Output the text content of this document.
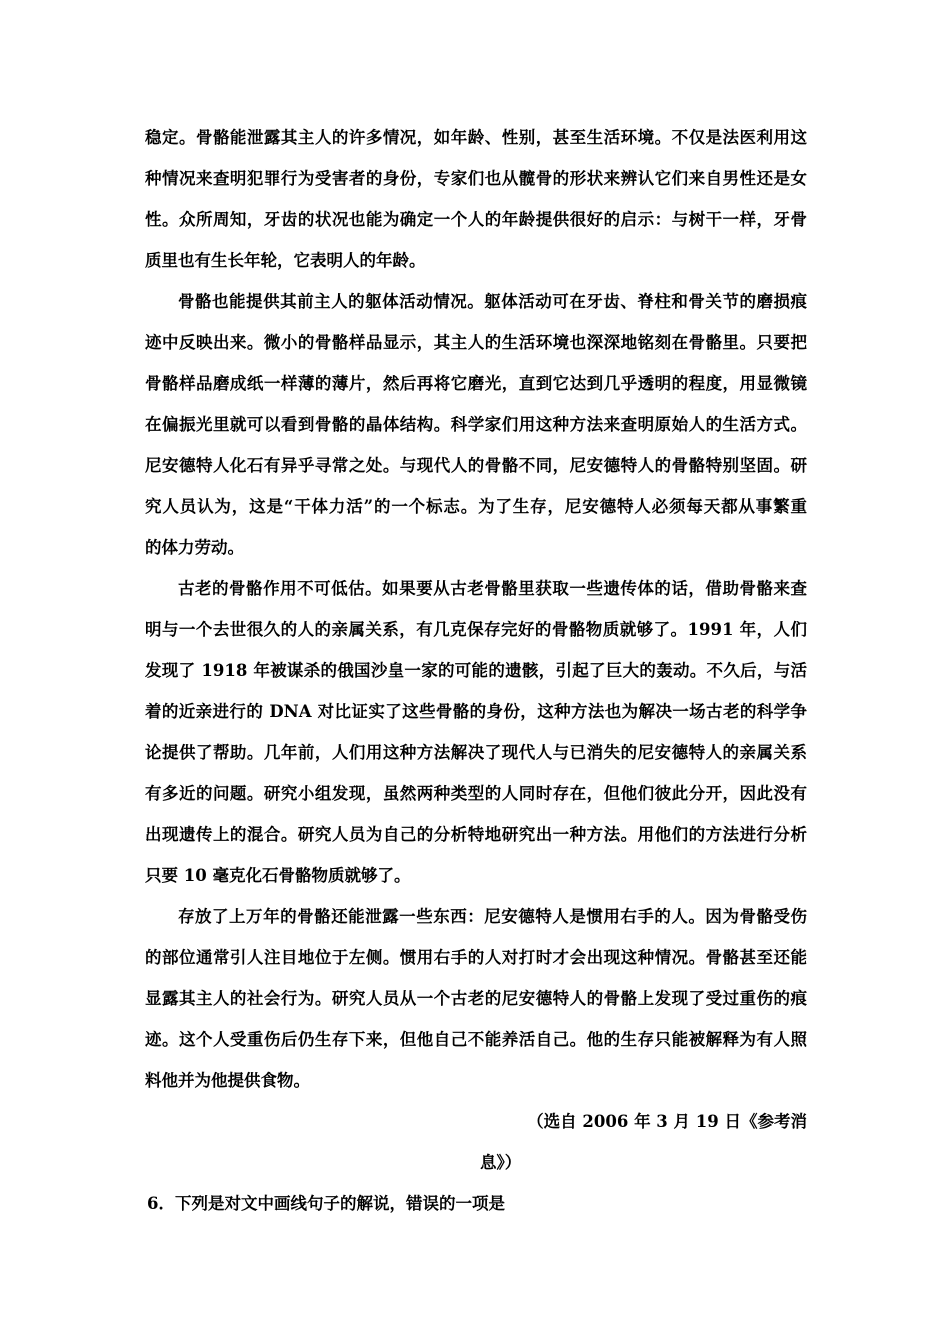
稳定。骨骼能泄露其主人的许多情况，如年龄、性别，甚至生活环境。不仅是法医利用这
种情况来查明犯罪行为受害者的身份，专家们也从髋骨的形状来辨认它们来自男性还是女
性。众所周知，牙齿的状况也能为确定一个人的年龄提供很好的启示：与树干一样，牙骨
质里也有生长年轮，它表明人的年龄。
骨骼也能提供其前主人的躯体活动情况。躯体活动可在牙齿、脊柱和骨关节的磨损痕
迹中反映出来。微小的骨骼样品显示，其主人的生活环境也深深地铭刻在骨骼里。只要把
骨骼样品磨成纸一样薄的薄片，然后再将它磨光，直到它达到几乎透明的程度，用显微镜
在偏振光里就可以看到骨骼的晶体结构。科学家们用这种方法来查明原始人的生活方式。
尼安德特人化石有异乎寻常之处。与现代人的骨骼不同，尼安德特人的骨骼特别坚固。研
究人员认为，这是“干体力活”的一个标志。为了生存，尼安德特人必须每天都从事繁重
的体力劳动。
古老的骨骼作用不可低估。如果要从古老骨骼里获取一些遗传体的话，借助骨骼来查
明与一个去世很久的人的亲属关系，有几克保存完好的骨骼物质就够了。1991 年，人们
发现了 1918 年被谋杀的俄国沙皇一家的可能的遗骸，引起了巨大的轰动。不久后，与活
着的近亲进行的 DNA 对比证实了这些骨骼的身份，这种方法也为解决一场古老的科学争
论提供了帮助。几年前，人们用这种方法解决了现代人与已消失的尼安德特人的亲属关系
有多近的问题。研究小组发现，虽然两种类型的人同时存在，但他们彼此分开，因此没有
出现遗传上的混合。研究人员为自己的分析特地研究出一种方法。用他们的方法进行分析
只要 10 毫克化石骨骼物质就够了。
存放了上万年的骨骼还能泄露一些东西：尼安德特人是惯用右手的人。因为骨骼受伤
的部位通常引人注目地位于左侧。惯用右手的人对打时才会出现这种情况。骨骼甚至还能
显露其主人的社会行为。研究人员从一个古老的尼安德特人的骨骼上发现了受过重伤的痕
迹。这个人受重伤后仍生存下来，但他自己不能养活自己。他的生存只能被解释为有人照
料他并为他提供食物。
（选自 2006 年 3 月 19 日《参考消
息》）
6．下列是对文中画线句子的解说，错误的一项是
